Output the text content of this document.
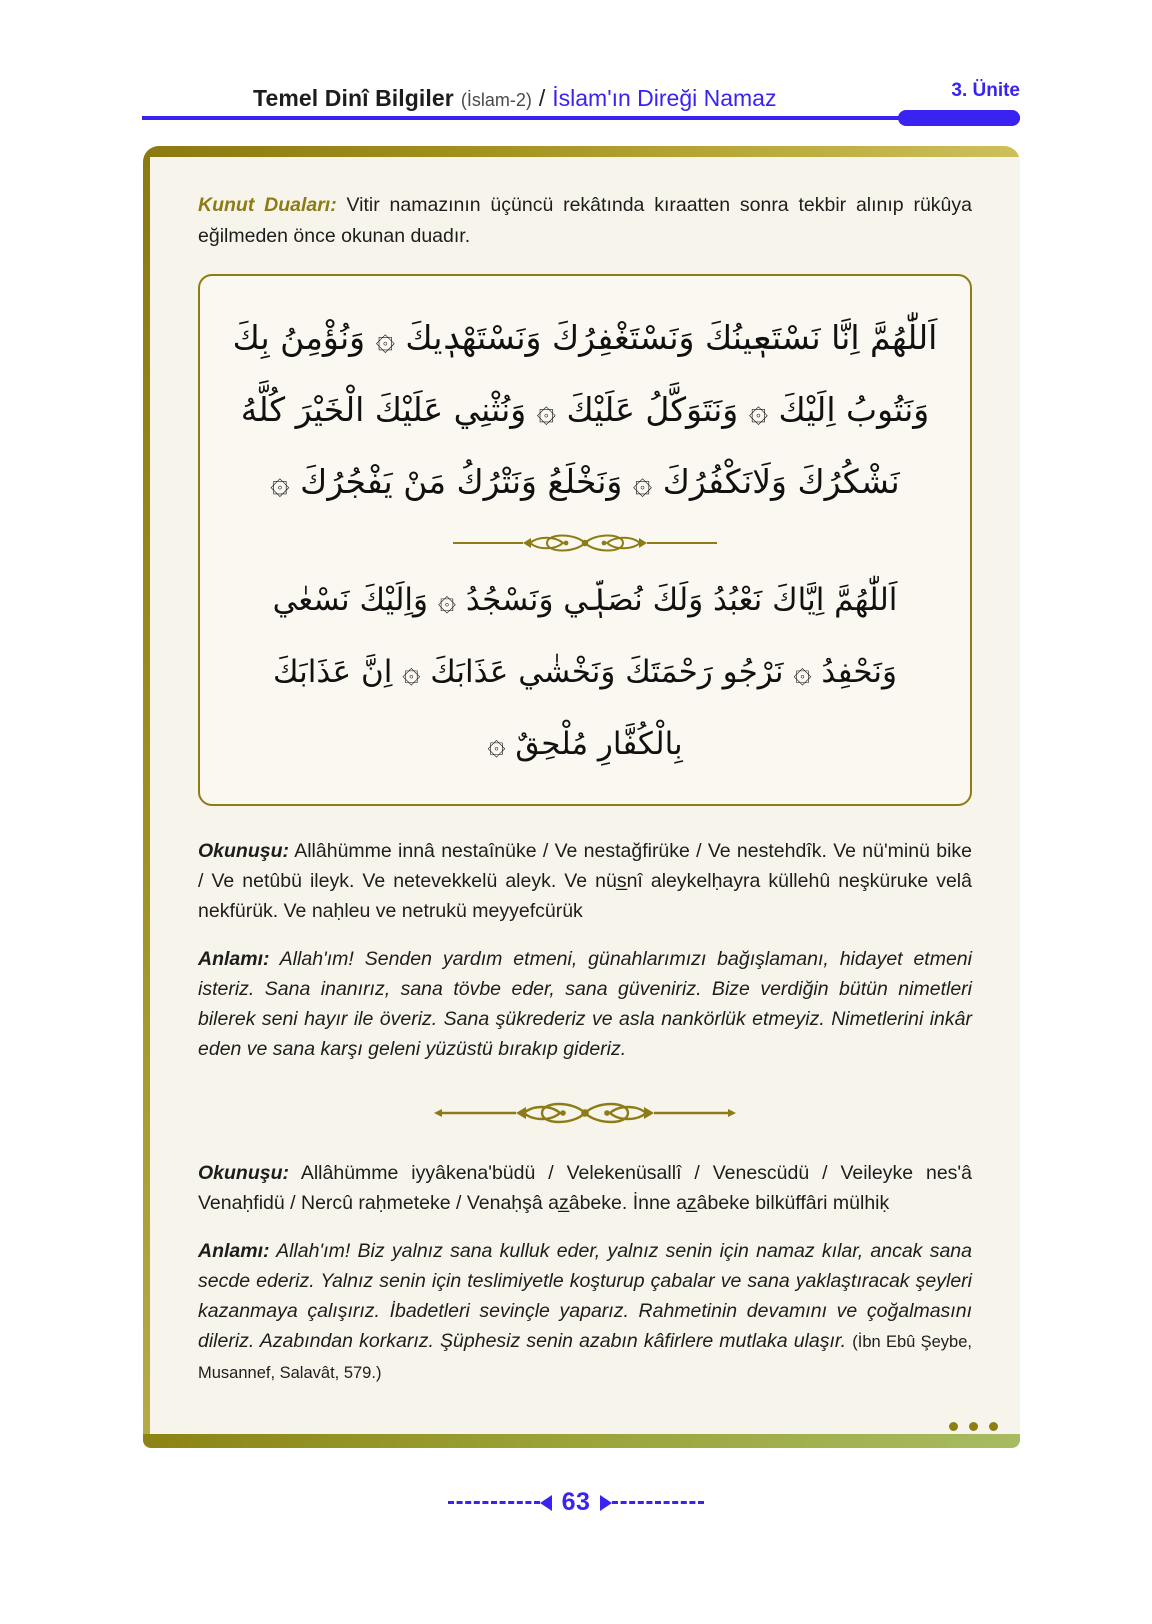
Temel Dinî Bilgiler (İslam-2) / İslam'ın Direği Namaz	3. Ünite

Kunut Duaları: Vitir namazının üçüncü rekâtında kıraatten sonra tekbir alınıp rükûya eğilmeden önce okunan duadır.

اَللّٰهُمَّ اِنَّا نَسْتَعٖينُكَ وَنَسْتَغْفِرُكَ وَنَسْتَهْدٖيكَ ۞ وَنُؤْمِنُ بِكَ
وَنَتُوبُ اِلَيْكَ ۞ وَنَتَوَكَّلُ عَلَيْكَ ۞ وَنُثْنِي عَلَيْكَ الْخَيْرَ كُلَّهُ
نَشْكُرُكَ وَلَانَكْفُرُكَ ۞ وَنَخْلَعُ وَنَتْرُكُ مَنْ يَفْجُرُكَ ۞
اَللّٰهُمَّ اِيَّاكَ نَعْبُدُ وَلَكَ نُصَلّٖي وَنَسْجُدُ ۞ وَاِلَيْكَ نَسْعٰي
وَنَحْفِدُ ۞ نَرْجُو رَحْمَتَكَ وَنَخْشٰي عَذَابَكَ ۞ اِنَّ عَذَابَكَ
بِالْكُفَّارِ مُلْحِقٌ ۞

Okunuşu: Allâhümme innâ nestaînüke / Ve nestağfirüke / Ve nestehdîk. Ve nü'minü bike / Ve netûbü ileyk. Ve netevekkelü aleyk. Ve nüs̲nî aleykelḥayra küllehû neşküruke velâ nekfürük. Ve naḥleu ve netrukü meyyefcürük

Anlamı: Allah'ım! Senden yardım etmeni, günahlarımızı bağışlamanı, hidayet etmeni isteriz. Sana inanırız, sana tövbe eder, sana güveniriz. Bize verdiğin bütün nimetleri bilerek seni hayır ile överiz. Sana şükrederiz ve asla nankörlük etmeyiz. Nimetlerini inkâr eden ve sana karşı geleni yüzüstü bırakıp gideriz.

Okunuşu: Allâhümme iyyâkena'büdü / Velekenüsallî / Venescüdü / Veileyke nes'â Venaḥfidü / Nercû raḥmeteke / Venaḥşâ az̲âbeke. İnne az̲âbeke bilküffâri mülhiḳ

Anlamı: Allah'ım! Biz yalnız sana kulluk eder, yalnız senin için namaz kılar, ancak sana secde ederiz. Yalnız senin için teslimiyetle koşturup çabalar ve sana yaklaştıracak şeyleri kazanmaya çalışırız. İbadetleri sevinçle yaparız. Rahmetinin devamını ve çoğalmasını dileriz. Azabından korkarız. Şüphesiz senin azabın kâfirlere mutlaka ulaşır. (İbn Ebû Şeybe, Musannef, Salavât, 579.)

63
